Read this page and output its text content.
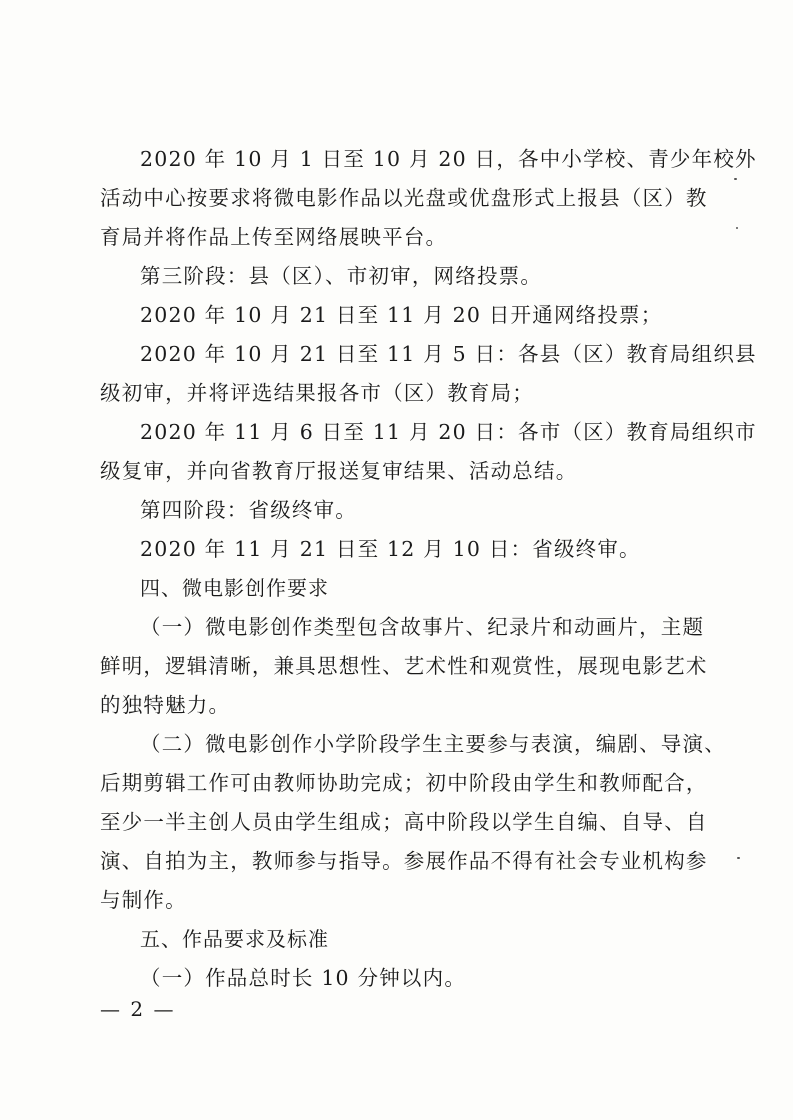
2020 年 10 月 1 日至 10 月 20 日，各中小学校、青少年校外
活动中心按要求将微电影作品以光盘或优盘形式上报县（区）教
育局并将作品上传至网络展映平台。
第三阶段：县（区）、市初审，网络投票。
2020 年 10 月 21 日至 11 月 20 日开通网络投票；
2020 年 10 月 21 日至 11 月 5 日：各县（区）教育局组织县
级初审，并将评选结果报各市（区）教育局；
2020 年 11 月 6 日至 11 月 20 日：各市（区）教育局组织市
级复审，并向省教育厅报送复审结果、活动总结。
第四阶段：省级终审。
2020 年 11 月 21 日至 12 月 10 日：省级终审。
四、微电影创作要求
（一）微电影创作类型包含故事片、纪录片和动画片，主题
鲜明，逻辑清晰，兼具思想性、艺术性和观赏性，展现电影艺术
的独特魅力。
（二）微电影创作小学阶段学生主要参与表演，编剧、导演、
后期剪辑工作可由教师协助完成；初中阶段由学生和教师配合，
至少一半主创人员由学生组成；高中阶段以学生自编、自导、自
演、自拍为主，教师参与指导。参展作品不得有社会专业机构参
与制作。
五、作品要求及标准
（一）作品总时长 10 分钟以内。
— 2 —
